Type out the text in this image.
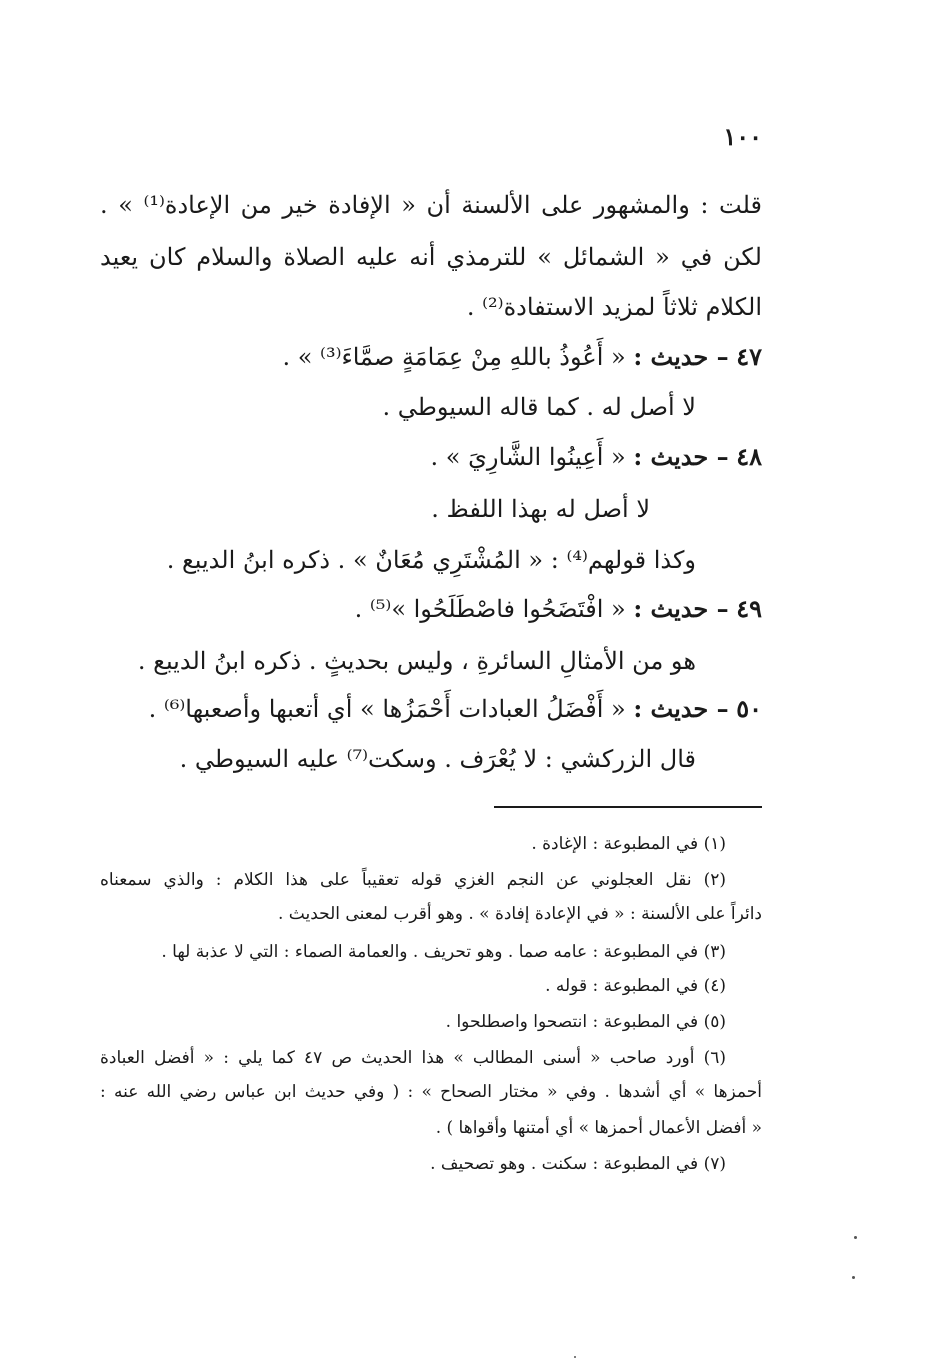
١٠٠
قلت : والمشهور على الألسنة أن « الإفادة خير من الإعادة⁽¹⁾ » .
لكن في « الشمائل » للترمذي أنه عليه الصلاة والسلام كان يعيد
الكلام ثلاثاً لمزيد الاستفادة⁽²⁾ .
٤٧ – حديث : « أَعُوذُ باللهِ مِنْ عِمَامَةٍ صمَّاءَ⁽³⁾ » .
لا أصل له . كما قاله السيوطي .
٤٨ – حديث : « أَعِينُوا الشَّارِيَ » .
لا أصل له بهذا اللفظ .
وكذا قولهم⁽⁴⁾ : « المُشْتَرِي مُعَانٌ » . ذكره ابنُ الديبع .
٤٩ – حديث : « افْتَضَحُوا فاصْطَلَحُوا »⁽⁵⁾ .
هو من الأمثالِ السائرةِ ، وليس بحديثٍ . ذكره ابنُ الديبع .
٥٠ – حديث : « أَفْضَلُ العبادات أَحْمَزُها » أي أتعبها وأصعبها⁽⁶⁾ .
قال الزركشي : لا يُعْرَف . وسكت⁽⁷⁾ عليه السيوطي .
(١) في المطبوعة : الإغادة .
(٢) نقل العجلوني عن النجم الغزي قوله تعقيباً على هذا الكلام : والذي سمعناه
دائراً على الألسنة : « في الإعادة إفادة » . وهو أقرب لمعنى الحديث .
(٣) في المطبوعة : عامه صما . وهو تحريف . والعمامة الصماء : التي لا عذبة لها .
(٤) في المطبوعة : قوله .
(٥) في المطبوعة : انتصحوا واصطلحوا .
(٦) أورد صاحب « أسنى المطالب » هذا الحديث ص ٤٧ كما يلي : « أفضل العبادة
أحمزها » أي أشدها . وفي « مختار الصحاح » : ( وفي حديث ابن عباس رضي الله عنه :
« أفضل الأعمال أحمزها » أي أمتنها وأقواها ) .
(٧) في المطبوعة : سكنت . وهو تصحيف .
